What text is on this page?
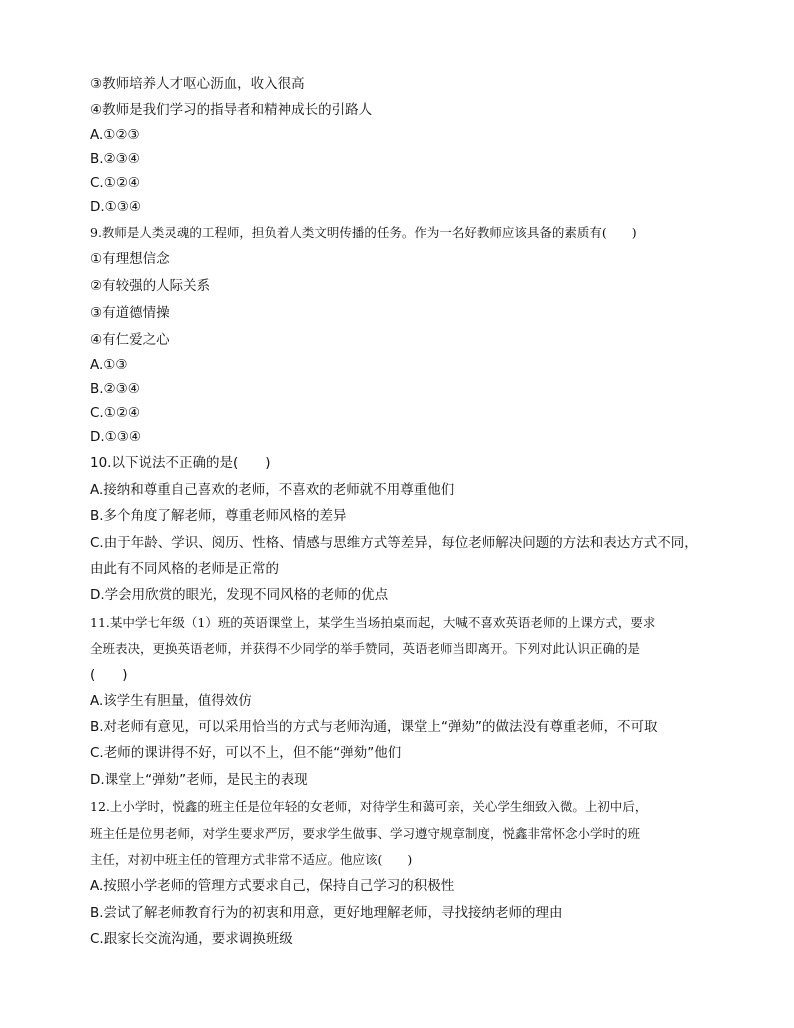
③教师培养人才呕心沥血，收入很高
④教师是我们学习的指导者和精神成长的引路人
A.①②③
B.②③④
C.①②④
D.①③④
9.教师是人类灵魂的工程师，担负着人类文明传播的任务。作为一名好教师应该具备的素质有(　　)
①有理想信念
②有较强的人际关系
③有道德情操
④有仁爱之心
A.①③
B.②③④
C.①②④
D.①③④
10.以下说法不正确的是(　　)
A.接纳和尊重自己喜欢的老师，不喜欢的老师就不用尊重他们
B.多个角度了解老师，尊重老师风格的差异
C.由于年龄、学识、阅历、性格、情感与思维方式等差异，每位老师解决问题的方法和表达方式不同，
由此有不同风格的老师是正常的
D.学会用欣赏的眼光，发现不同风格的老师的优点
11.某中学七年级（1）班的英语课堂上，某学生当场拍桌而起，大喊不喜欢英语老师的上课方式，要求
全班表决，更换英语老师，并获得不少同学的举手赞同，英语老师当即离开。下列对此认识正确的是
(　　)
A.该学生有胆量，值得效仿
B.对老师有意见，可以采用恰当的方式与老师沟通，课堂上“弹劾”的做法没有尊重老师，不可取
C.老师的课讲得不好，可以不上，但不能“弹劾”他们
D.课堂上“弹劾”老师，是民主的表现
12.上小学时，悦鑫的班主任是位年轻的女老师，对待学生和蔼可亲，关心学生细致入微。上初中后，
班主任是位男老师，对学生要求严厉，要求学生做事、学习遵守规章制度，悦鑫非常怀念小学时的班
主任，对初中班主任的管理方式非常不适应。他应该(　　)
A.按照小学老师的管理方式要求自己，保持自己学习的积极性
B.尝试了解老师教育行为的初衷和用意，更好地理解老师，寻找接纳老师的理由
C.跟家长交流沟通，要求调换班级
